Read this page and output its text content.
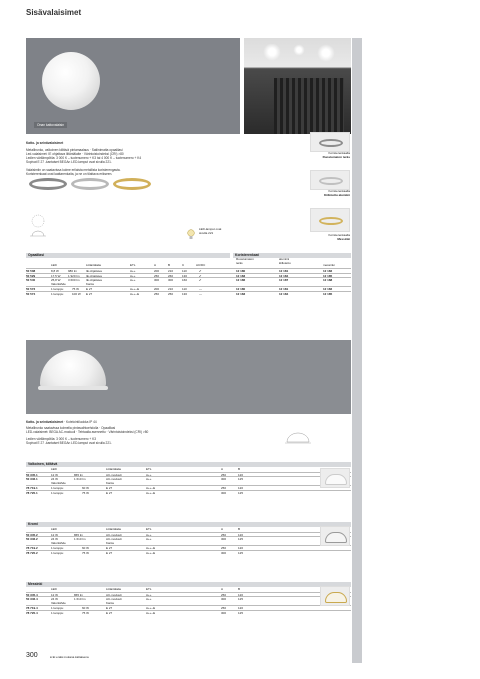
Sisävalaisimet
Onan kattovalaisin
Katto- ja seinävalaisimet
Metallirunko, valkoinen kiiltävä pintamaalaus · Satiinimatta opaalilasi
Led-valaisimet: IE ohjattava liitäntälaite · Värintoistoindeksi (CRI) >80
Ledien värilämpötila: 3 000 K – tuotenumero + K3 tai 4 000 K – tuotenumero + K4
Sopivat E 27 -kantaiset BEGAn LED-lamput ovat sivulla 221.
Valaisimiin on saatavissa kolme erilaista metallista koristerengasta.
Koristerenkaat ovat laattarenkaita, ja ne on tilattava erikseen.
LED-lamput ovat sivulla 221
Koristerenkaalla
Ruostumaton teräs
Koristerenkaalla
Kiillotettu alumiini
Koristerenkaalla
Messinki
Opaalilasi	Koristerenkaat
LED	Liitäntälaite	ETL	A	B	C	AC/DC
Ruostumaton teräs
alumiini kiillotettu
messinki
50 508	8,8 W	980 lm	IE ohjattava	A++	200	210	110	✔	12 180	12 181	12 182
50 529	17,5 W 1 920 lm IE ohjattava	A++	250	260	130	✔	12 183	12 184	12 185
50 540	25,8 W 3 600 lm IE ohjattava	A++	300	300	160	✔	12 186	12 187	12 188
Valonlähde	Kanta
50 573	1 lamppu	75 W E 27	A++–E	200	210	110	—	12 180	12 181	12 182
50 574	1 lamppu	100 W E 27	A++–E	250	250	130	—	12 183	12 184	12 185
Katto- ja seinävalaisimet · Kotelointiluokka IP 44
Metallirunko saatavissa kolmella pintavaihtoehdolla · Opaalilasi
LED-valaisimet: BEGA AC-moduuli · Tehtaalla asennettu · Värintoistoindeksi (CRI) >80
Ledien värilämpötila: 3 000 K – tuotenumero + K3
Sopivat E 27 -kantaiset BEGAn LED-lamput ovat sivulla 221.
Valkoinen, kiiltävä
LED	Liitäntälaite	ETL	A	B
50 345.1	12 W	865 lm	AC-moduuli	A++	250	120
50 346.1	24 W	1 610 lm	AC-moduuli	A++	300	125
Valonlähde	Kanta
78 719.1	1 lamppu	60 W	E 27	A++–E	250	120
78 720.1	1 lamppu	75 W	E 27	A++–E	300	125
Kromi
LED	Liitäntälaite	ETL	A	B
50 345.2	12 W	865 lm	AC-moduuli	A++	250	120
50 346.2	24 W	1 610 lm	AC-moduuli	A++	300	125
Valonlähde	Kanta
78 719.2	1 lamppu	60 W	E 27	A++–E	250	120
78 720.2	1 lamppu	75 W	E 27	A++–E	300	125
Messinki
LED	Liitäntälaite	ETL	A	B
50 345.4	12 W	865 lm	AC-moduuli	A++	250	120
50 346.4	24 W	1 610 lm	AC-moduuli	A++	300	125
Valonlähde	Kanta
78 719.4	1 lamppu	60 W	E 27	A++–E	250	120
78 720.4	1 lamppu	75 W	E 27	A++–E	300	125
300	● Ei enää mukana kaltaisena
